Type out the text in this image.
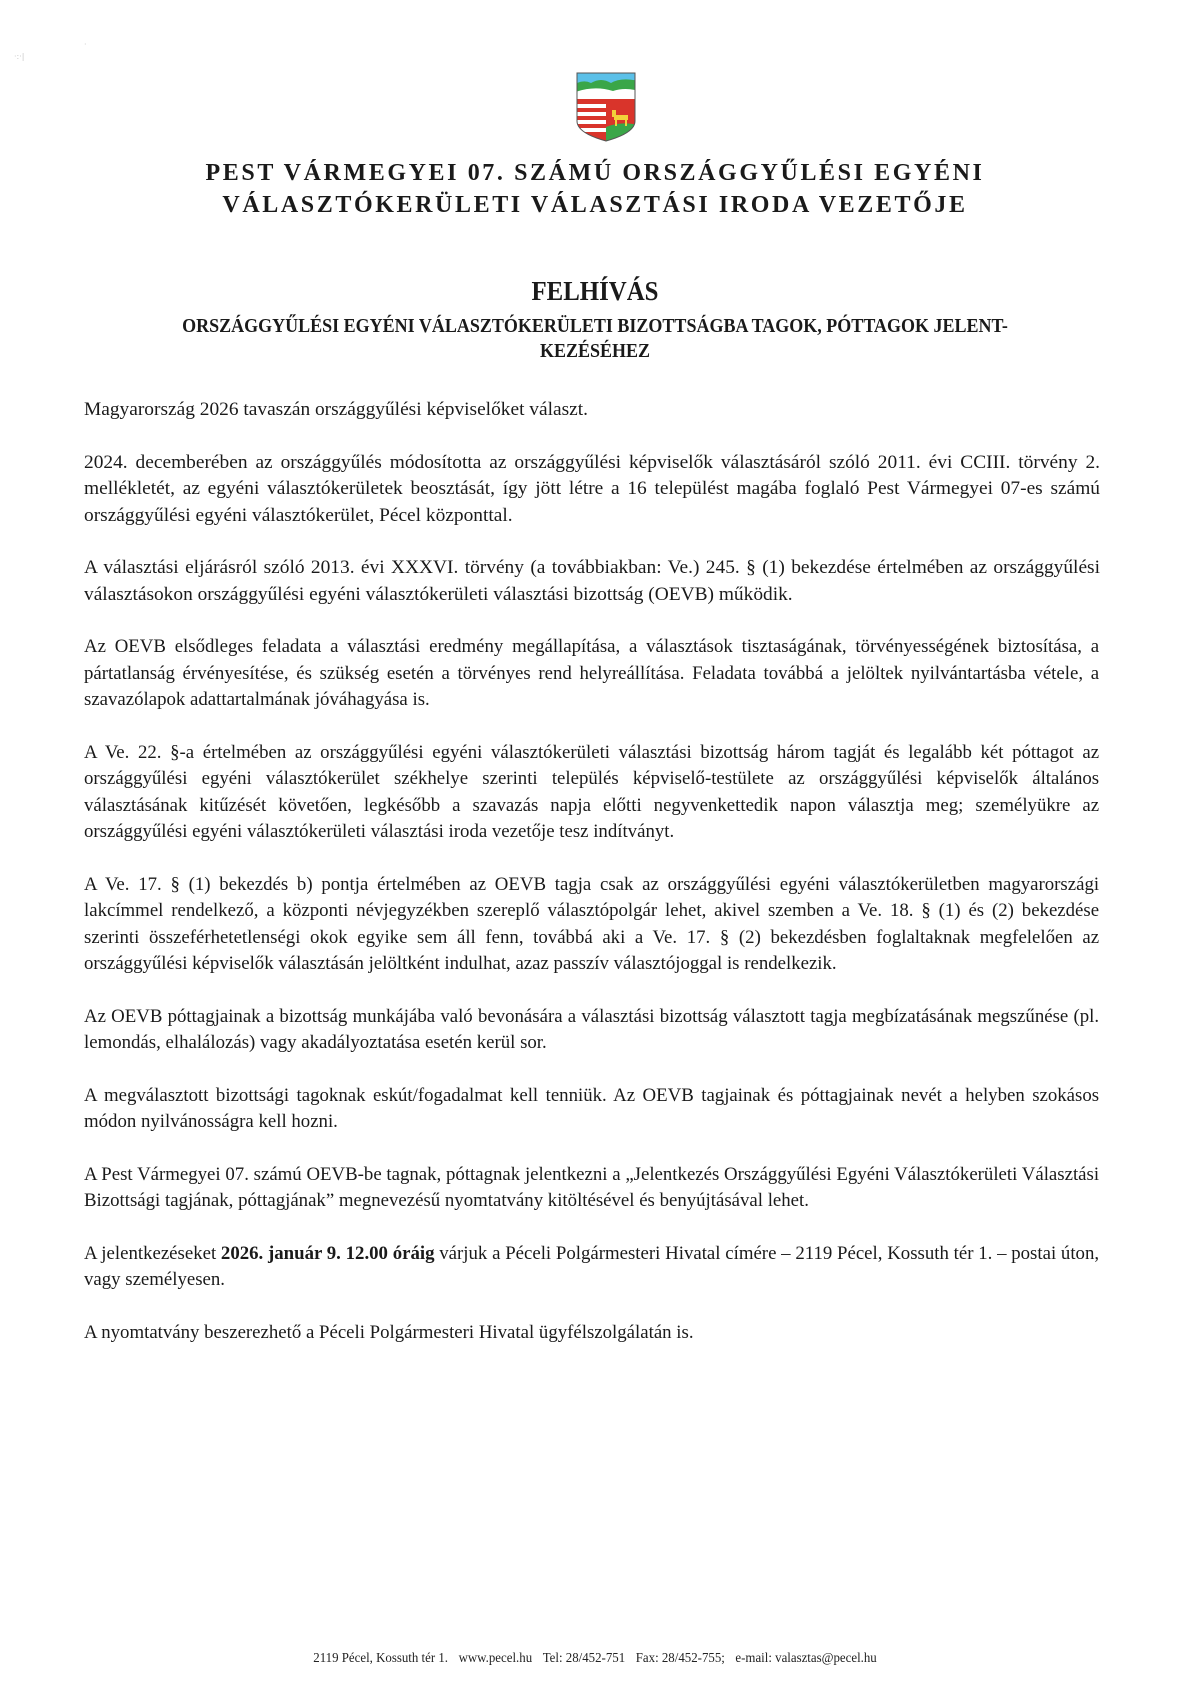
·:·|
·
PEST VÁRMEGYEI 07. SZÁMÚ ORSZÁGGYŰLÉSI EGYÉNI
VÁLASZTÓKERÜLETI VÁLASZTÁSI IRODA VEZETŐJE
FELHÍVÁS
ORSZÁGGYŰLÉSI EGYÉNI VÁLASZTÓKERÜLETI BIZOTTSÁGBA TAGOK, PÓTTAGOK JELENT-
KEZÉSÉHEZ

Magyarország 2026 tavaszán országgyűlési képviselőket választ.

2024. decemberében az országgyűlés módosította az országgyűlési képviselők választásáról szóló 2011. évi CCIII. törvény 2. mellékletét, az egyéni választókerületek beosztását, így jött létre a 16 települést magába foglaló Pest Vármegyei 07-es számú országgyűlési egyéni választókerület, Pécel központtal.

A választási eljárásról szóló 2013. évi XXXVI. törvény (a továbbiakban: Ve.) 245. § (1) bekezdése értelmében az országgyűlési választásokon országgyűlési egyéni választókerületi választási bizottság (OEVB) működik.

Az OEVB elsődleges feladata a választási eredmény megállapítása, a választások tisztaságának, törvényességének biztosítása, a pártatlanság érvényesítése, és szükség esetén a törvényes rend helyreállítása. Feladata továbbá a jelöltek nyilvántartásba vétele, a szavazólapok adattartalmának jóváhagyása is.

A Ve. 22. §-a értelmében az országgyűlési egyéni választókerületi választási bizottság három tagját és legalább két póttagot az országgyűlési egyéni választókerület székhelye szerinti település képviselő-testülete az országgyűlési képviselők általános választásának kitűzését követően, legkésőbb a szavazás napja előtti negyvenkettedik napon választja meg; személyükre az országgyűlési egyéni választókerületi választási iroda vezetője tesz indítványt.

A Ve. 17. § (1) bekezdés b) pontja értelmében az OEVB tagja csak az országgyűlési egyéni választókerületben magyarországi lakcímmel rendelkező, a központi névjegyzékben szereplő választópolgár lehet, akivel szemben a Ve. 18. § (1) és (2) bekezdése szerinti összeférhetetlenségi okok egyike sem áll fenn, továbbá aki a Ve. 17. § (2) bekezdésben foglaltaknak megfelelően az országgyűlési képviselők választásán jelöltként indulhat, azaz passzív választójoggal is rendelkezik.

Az OEVB póttagjainak a bizottság munkájába való bevonására a választási bizottság választott tagja megbízatásának megszűnése (pl. lemondás, elhalálozás) vagy akadályoztatása esetén kerül sor.

A megválasztott bizottsági tagoknak eskút/fogadalmat kell tenniük. Az OEVB tagjainak és póttagjainak nevét a helyben szokásos módon nyilvánosságra kell hozni.

A Pest Vármegyei 07. számú OEVB-be tagnak, póttagnak jelentkezni a „Jelentkezés Országgyűlési Egyéni Választókerületi Választási Bizottsági tagjának, póttagjának” megnevezésű nyomtatvány kitöltésével és benyújtásával lehet.

A jelentkezéseket 2026. január 9. 12.00 óráig várjuk a Péceli Polgármesteri Hivatal címére – 2119 Pécel, Kossuth tér 1. – postai úton, vagy személyesen.

A nyomtatvány beszerezhető a Péceli Polgármesteri Hivatal ügyfélszolgálatán is.

2119 Pécel, Kossuth tér 1. www.pecel.hu Tel: 28/452-751 Fax: 28/452-755; e-mail: valasztas@pecel.hu
